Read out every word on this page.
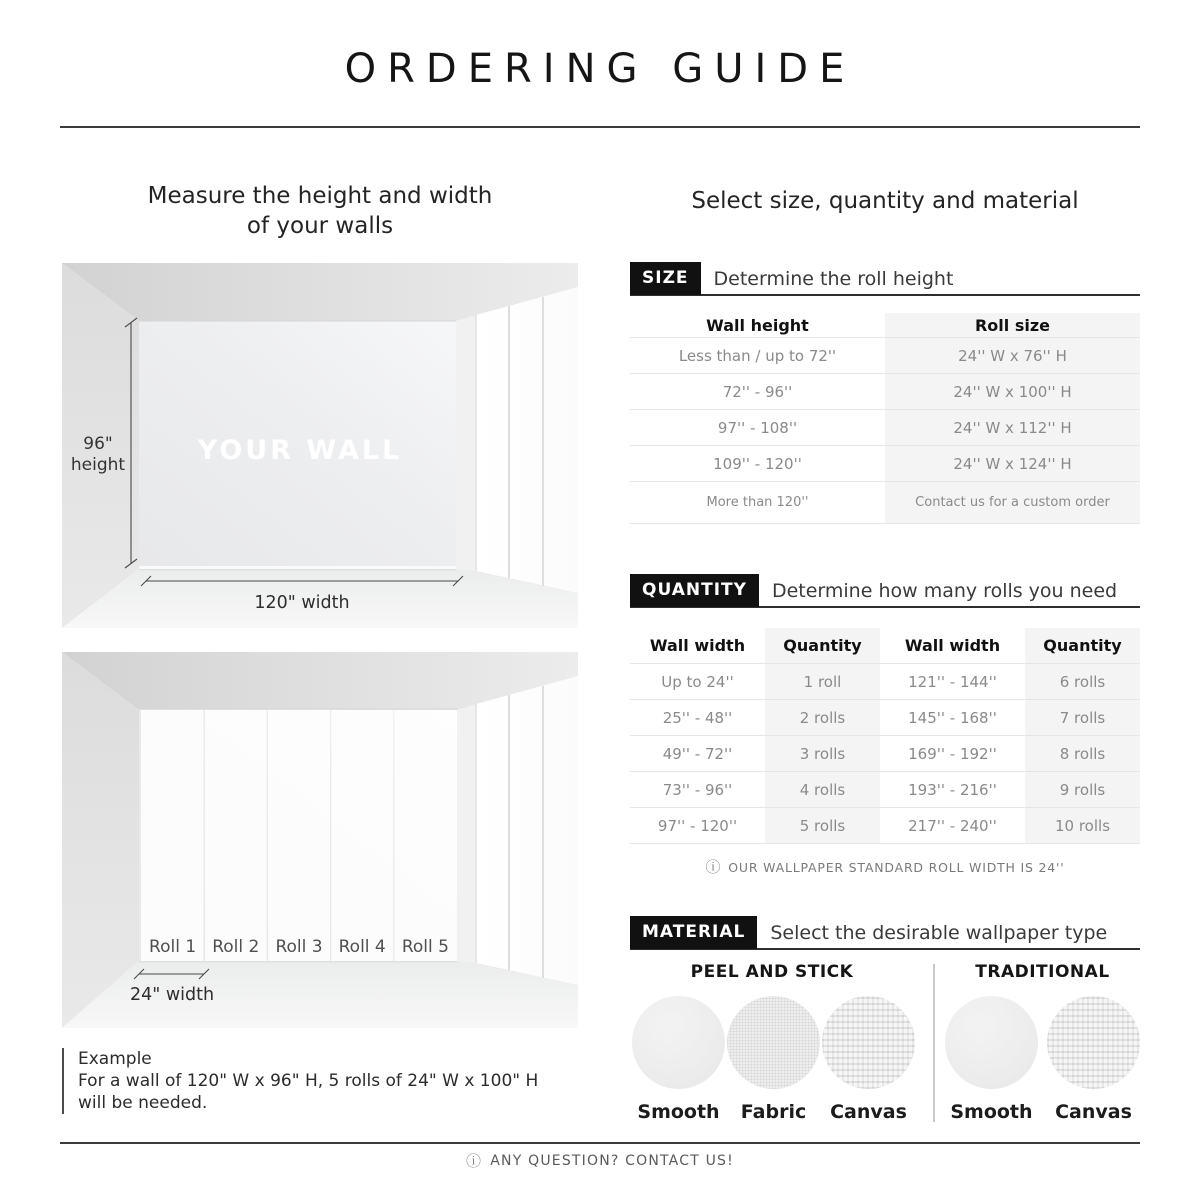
ORDERING GUIDE
Measure the height and width
of your walls
96"
height	YOUR WALL
120" width
Roll 1 Roll 2 Roll 3 Roll 4 Roll 5
24" width
Example
For a wall of 120" W x 96" H, 5 rolls of 24" W x 100" H
will be needed.
Select size, quantity and material
SIZE	Determine the roll height
Wall height	Roll size
Less than / up to 72''	24'' W x 76'' H
72'' - 96''	24'' W x 100'' H
97'' - 108''	24'' W x 112'' H
109'' - 120''	24'' W x 124'' H
More than 120''	Contact us for a custom order
QUANTITY	Determine how many rolls you need
Wall width	Quantity	Wall width	Quantity
Up to 24''	1 roll	121'' - 144''	6 rolls
25'' - 48''	2 rolls	145'' - 168''	7 rolls
49'' - 72''	3 rolls	169'' - 192''	8 rolls
73'' - 96''	4 rolls	193'' - 216''	9 rolls
97'' - 120''	5 rolls	217'' - 240''	10 rolls
ⓘ OUR WALLPAPER STANDARD ROLL WIDTH IS 24''
MATERIAL	Select the desirable wallpaper type
PEEL AND STICK
Smooth Fabric Canvas
TRADITIONAL
Smooth Canvas
ⓘ ANY QUESTION? CONTACT US!
